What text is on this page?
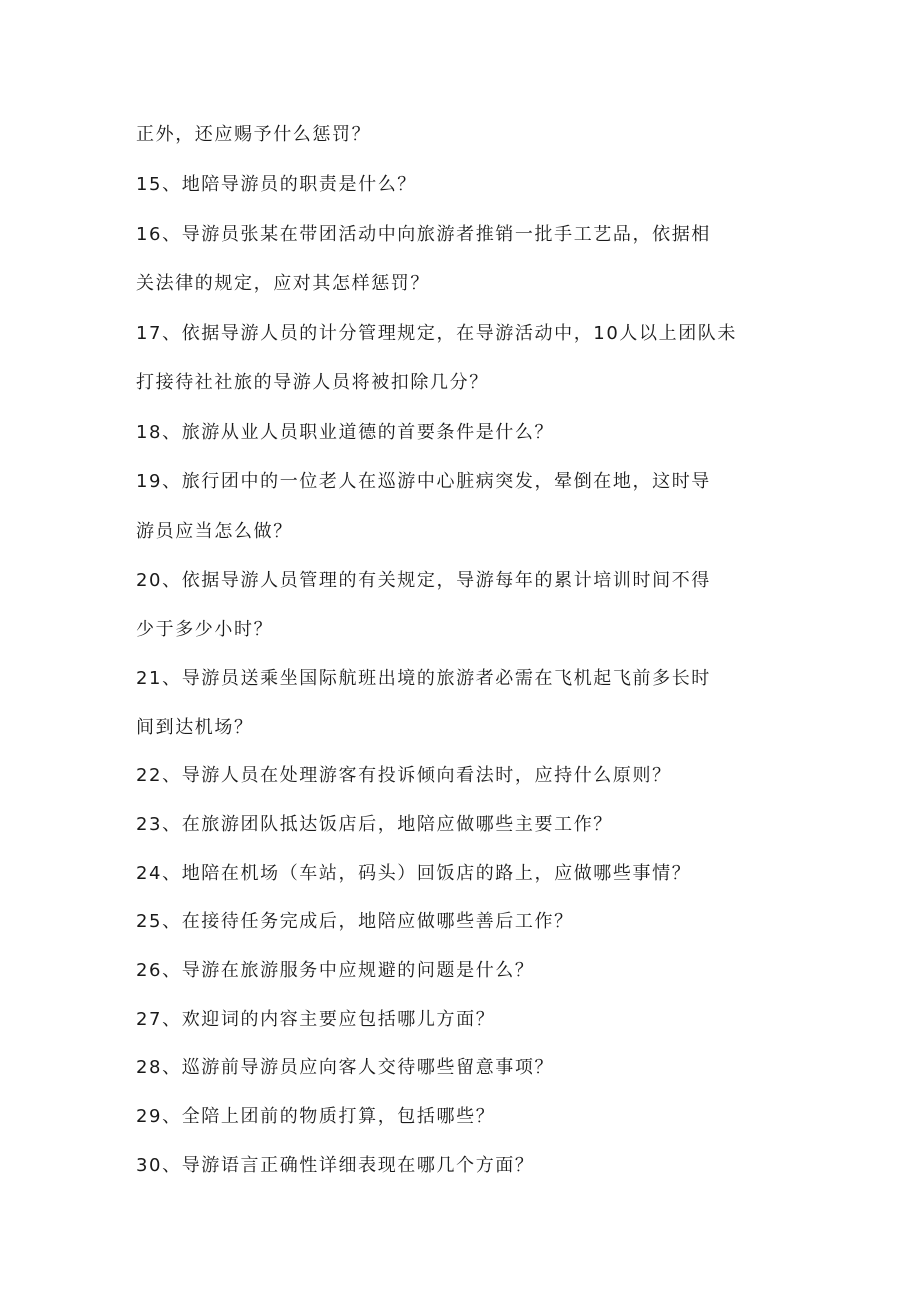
正外，还应赐予什么惩罚？
15、地陪导游员的职责是什么？
16、导游员张某在带团活动中向旅游者推销一批手工艺品，依据相
关法律的规定，应对其怎样惩罚？
17、依据导游人员的计分管理规定，在导游活动中，10人以上团队未
打接待社社旅的导游人员将被扣除几分？
18、旅游从业人员职业道德的首要条件是什么？
19、旅行团中的一位老人在巡游中心脏病突发，晕倒在地，这时导
游员应当怎么做？
20、依据导游人员管理的有关规定，导游每年的累计培训时间不得
少于多少小时？
21、导游员送乘坐国际航班出境的旅游者必需在飞机起飞前多长时
间到达机场？
22、导游人员在处理游客有投诉倾向看法时，应持什么原则？
23、在旅游团队抵达饭店后，地陪应做哪些主要工作？
24、地陪在机场（车站，码头）回饭店的路上，应做哪些事情？
25、在接待任务完成后，地陪应做哪些善后工作？
26、导游在旅游服务中应规避的问题是什么？
27、欢迎词的内容主要应包括哪儿方面？
28、巡游前导游员应向客人交待哪些留意事项？
29、全陪上团前的物质打算，包括哪些？
30、导游语言正确性详细表现在哪几个方面？
